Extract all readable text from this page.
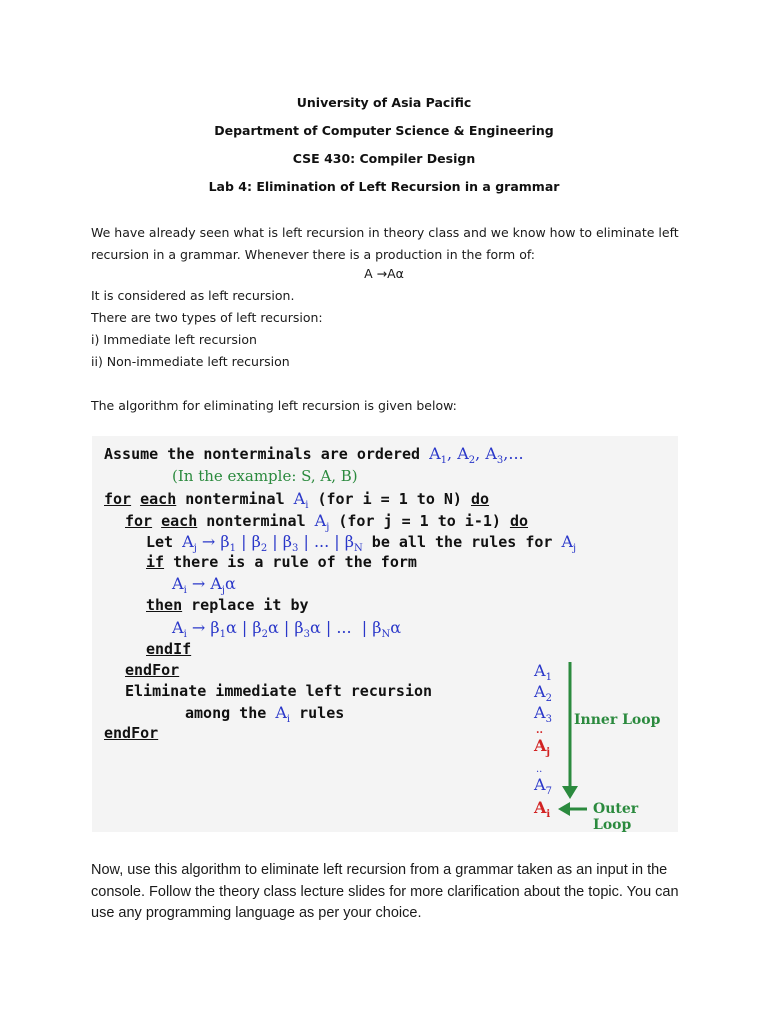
University of Asia Pacific
Department of Computer Science & Engineering
CSE 430: Compiler Design
Lab 4: Elimination of Left Recursion in a grammar
We have already seen what is left recursion in theory class and we know how to eliminate left recursion in a grammar. Whenever there is a production in the form of:
A →Aα
It is considered as left recursion.
There are two types of left recursion:
i) Immediate left recursion
ii) Non-immediate left recursion
The algorithm for eliminating left recursion is given below:
Assume the nonterminals are ordered $A_1$, $A_2$, $A_3$,...
(In the example: S, A, B)
for each nonterminal $A_i$ (for i = 1 to N) do
for each nonterminal $A_j$ (for j = 1 to i-1) do
Let $A_j \to \beta_1$ | $\beta_2$ | $\beta_3$ | ... | $\beta_N$ be all the rules for $A_j$
if there is a rule of the form
$A_i \to A_j\alpha$
then replace it by
$A_i \to \beta_1\alpha$ | $\beta_2\alpha$ | $\beta_3\alpha$ | ...  | $\beta_N\alpha$
endIf
endFor
Eliminate immediate left recursion
among the $A_i$ rules
endFor
$A_1$
$A_2$
$A_3$
..
$A_j$
..
$A_7$
$A_i$
Inner Loop
Outer Loop
Now, use this algorithm to eliminate left recursion from a grammar taken as an input in the console. Follow the theory class lecture slides for more clarification about the topic. You can use any programming language as per your choice.
